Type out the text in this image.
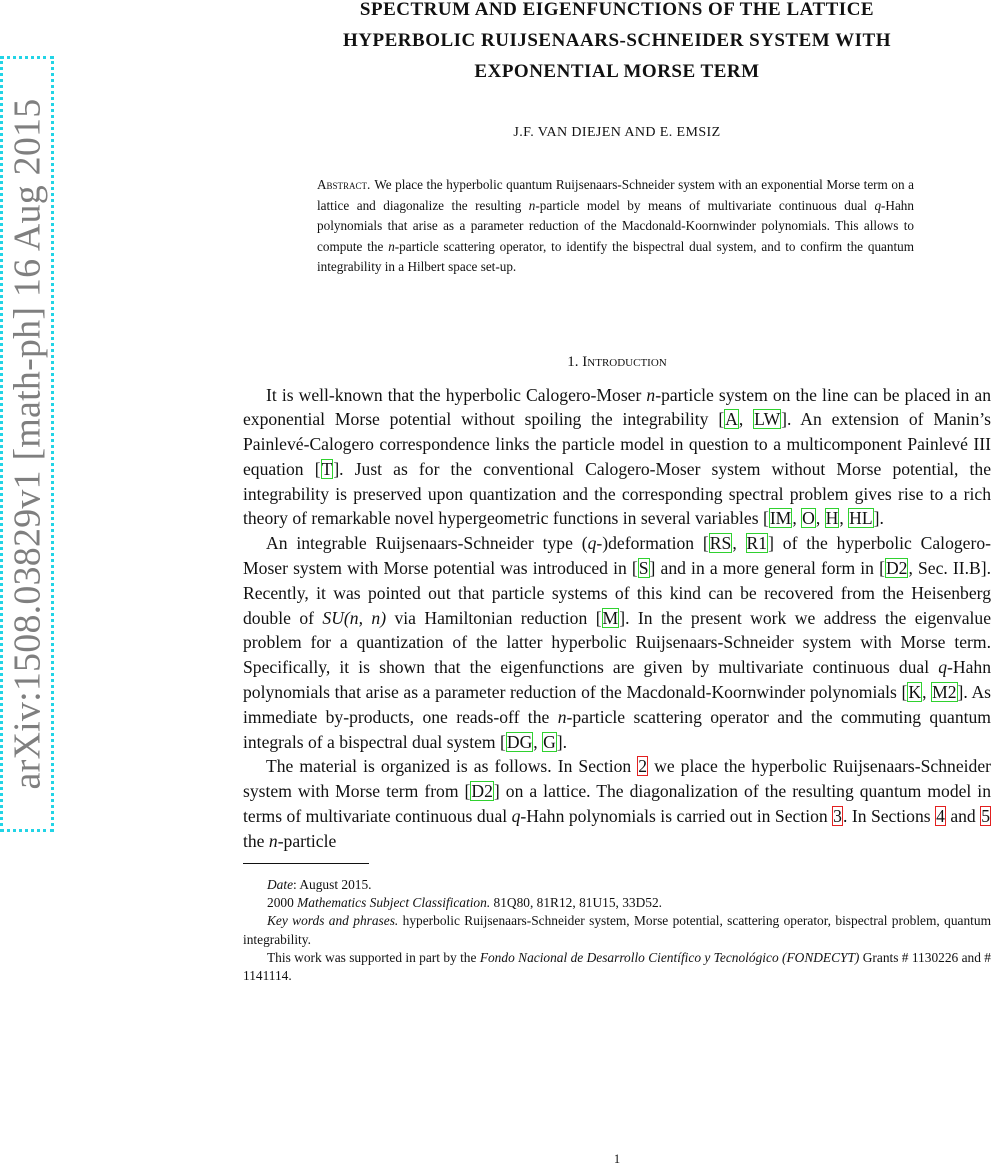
arXiv:1508.03829v1 [math-ph] 16 Aug 2015
SPECTRUM AND EIGENFUNCTIONS OF THE LATTICE
HYPERBOLIC RUIJSENAARS-SCHNEIDER SYSTEM WITH
EXPONENTIAL MORSE TERM
J.F. VAN DIEJEN AND E. EMSIZ
Abstract. We place the hyperbolic quantum Ruijsenaars-Schneider system with an exponential Morse term on a lattice and diagonalize the resulting n-particle model by means of multivariate continuous dual q-Hahn polynomials that arise as a parameter reduction of the Macdonald-Koornwinder polynomials. This allows to compute the n-particle scattering operator, to identify the bispectral dual system, and to confirm the quantum integrability in a Hilbert space set-up.
1. Introduction

It is well-known that the hyperbolic Calogero-Moser n-particle system on the line can be placed in an exponential Morse potential without spoiling the integrability [A, LW]. An extension of Manin’s Painlevé-Calogero correspondence links the particle model in question to a multicomponent Painlevé III equation [T]. Just as for the conventional Calogero-Moser system without Morse potential, the integrability is preserved upon quantization and the corresponding spectral problem gives rise to a rich theory of remarkable novel hypergeometric functions in several variables [IM, O, H, HL].

An integrable Ruijsenaars-Schneider type (q-)deformation [RS, R1] of the hyperbolic Calogero-Moser system with Morse potential was introduced in [S] and in a more general form in [D2, Sec. II.B]. Recently, it was pointed out that particle systems of this kind can be recovered from the Heisenberg double of SU(n, n) via Hamiltonian reduction [M]. In the present work we address the eigenvalue problem for a quantization of the latter hyperbolic Ruijsenaars-Schneider system with Morse term. Specifically, it is shown that the eigenfunctions are given by multivariate continuous dual q-Hahn polynomials that arise as a parameter reduction of the Macdonald-Koornwinder polynomials [K, M2]. As immediate by-products, one reads-off the n-particle scattering operator and the commuting quantum integrals of a bispectral dual system [DG, G].

The material is organized is as follows. In Section 2 we place the hyperbolic Ruijsenaars-Schneider system with Morse term from [D2] on a lattice. The diagonalization of the resulting quantum model in terms of multivariate continuous dual q-Hahn polynomials is carried out in Section 3. In Sections 4 and 5 the n-particle

Date: August 2015.
2000 Mathematics Subject Classification. 81Q80, 81R12, 81U15, 33D52.
Key words and phrases. hyperbolic Ruijsenaars-Schneider system, Morse potential, scattering operator, bispectral problem, quantum integrability.
This work was supported in part by the Fondo Nacional de Desarrollo Científico y Tecnológico (FONDECYT) Grants # 1130226 and # 1141114.
1
